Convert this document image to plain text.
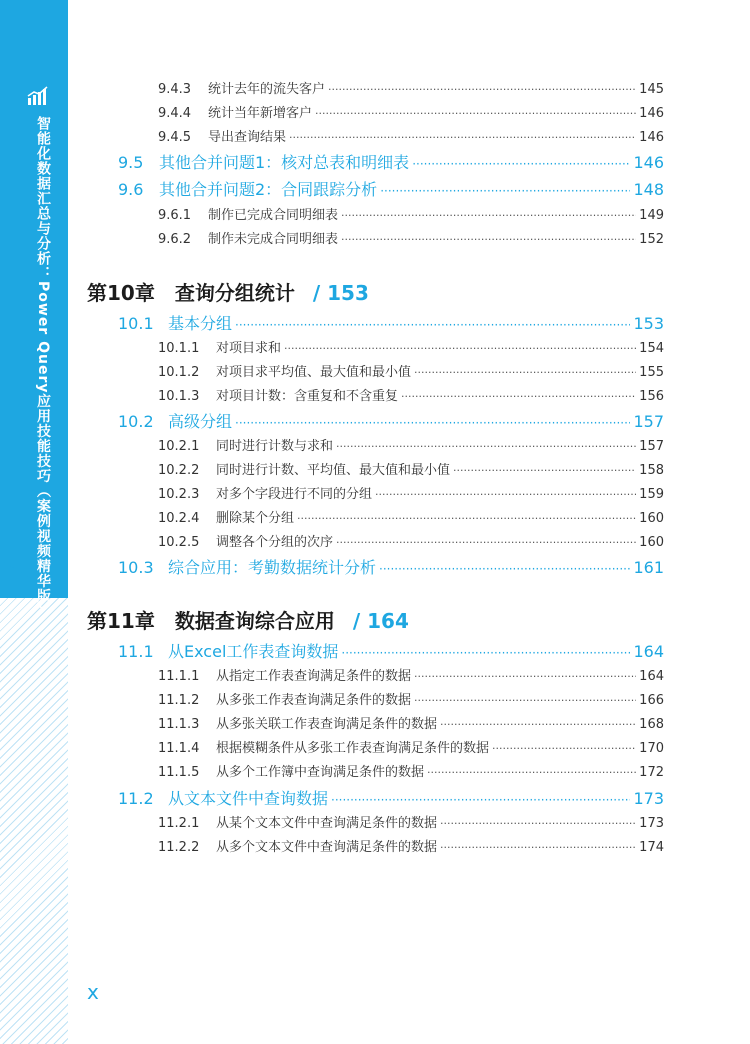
智能化数据汇总与分析：Power Query应用技能技巧（案例视频精华版）
x
9.4.3	统计去年的流失客户 ·····	145
9.4.4	统计当年新增客户 ·····	146
9.4.5	导出查询结果 ·····	146
9.5 其他合并问题1：核对总表和明细表 ·····	146
9.6 其他合并问题2：合同跟踪分析 ·····	148
9.6.1	制作已完成合同明细表 ·····	149
9.6.2	制作未完成合同明细表 ·····	152
第10章 查询分组统计 / 153
10.1 基本分组 ·····	153
10.1.1	对项目求和 ·····	154
10.1.2	对项目求平均值、最大值和最小值 ·····	155
10.1.3	对项目计数：含重复和不含重复 ·····	156
10.2 高级分组 ·····	157
10.2.1	同时进行计数与求和 ·····	157
10.2.2	同时进行计数、平均值、最大值和最小值 ·····	158
10.2.3	对多个字段进行不同的分组 ·····	159
10.2.4	删除某个分组 ·····	160
10.2.5	调整各个分组的次序 ·····	160
10.3 综合应用：考勤数据统计分析 ·····	161
第11章 数据查询综合应用 / 164
11.1 从Excel工作表查询数据 ·····	164
11.1.1	从指定工作表查询满足条件的数据 ·····	164
11.1.2	从多张工作表查询满足条件的数据 ·····	166
11.1.3	从多张关联工作表查询满足条件的数据 ·····	168
11.1.4	根据模糊条件从多张工作表查询满足条件的数据 ·····	170
11.1.5	从多个工作簿中查询满足条件的数据 ·····	172
11.2 从文本文件中查询数据 ·····	173
11.2.1	从某个文本文件中查询满足条件的数据 ·····	173
11.2.2	从多个文本文件中查询满足条件的数据 ·····	174
